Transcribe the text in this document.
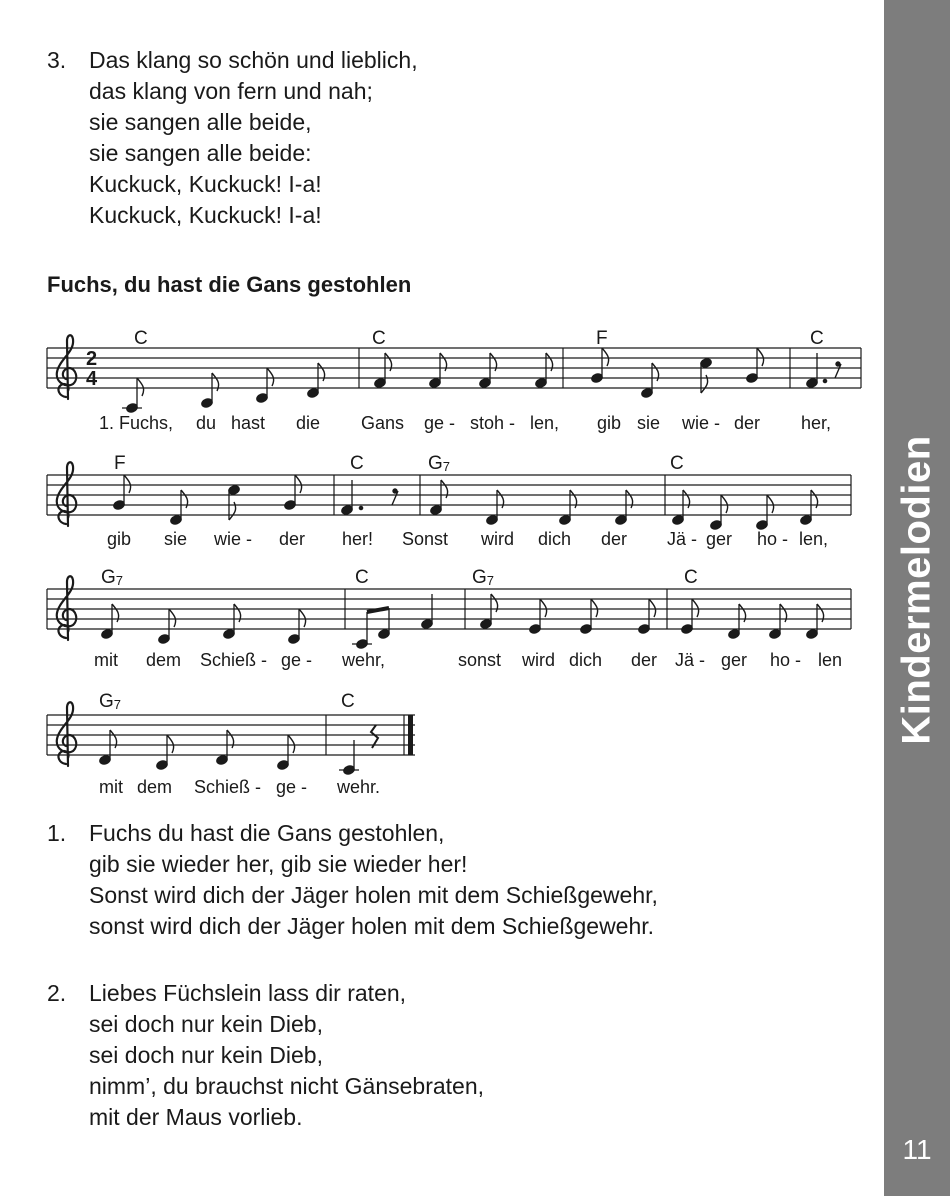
3. Das klang so schön und lieblich,
das klang von fern und nah;
sie sangen alle beide,
sie sangen alle beide:
Kuckuck, Kuckuck! I-a!
Kuckuck, Kuckuck! I-a!
Fuchs, du hast die Gans gestohlen
2
4
C	C	F	C
1. Fuchs, du hast die Gans ge - stoh - len, gib sie wie - der her,
F	C	G7	C
gib sie wie - der her! Sonst wird dich der Jä - ger ho - len,
G7	C	G7	C
mit dem Schieß - ge - wehr,	sonst wird dich der Jä - ger ho - len
G7	C
mit dem Schieß - ge - wehr.
1. Fuchs du hast die Gans gestohlen,
gib sie wieder her, gib sie wieder her!
Sonst wird dich der Jäger holen mit dem Schießgewehr,
sonst wird dich der Jäger holen mit dem Schießgewehr.
2. Liebes Füchslein lass dir raten,
sei doch nur kein Dieb,
sei doch nur kein Dieb,
nimm’, du brauchst nicht Gänsebraten,
mit der Maus vorlieb.
Kindermelodien
11
